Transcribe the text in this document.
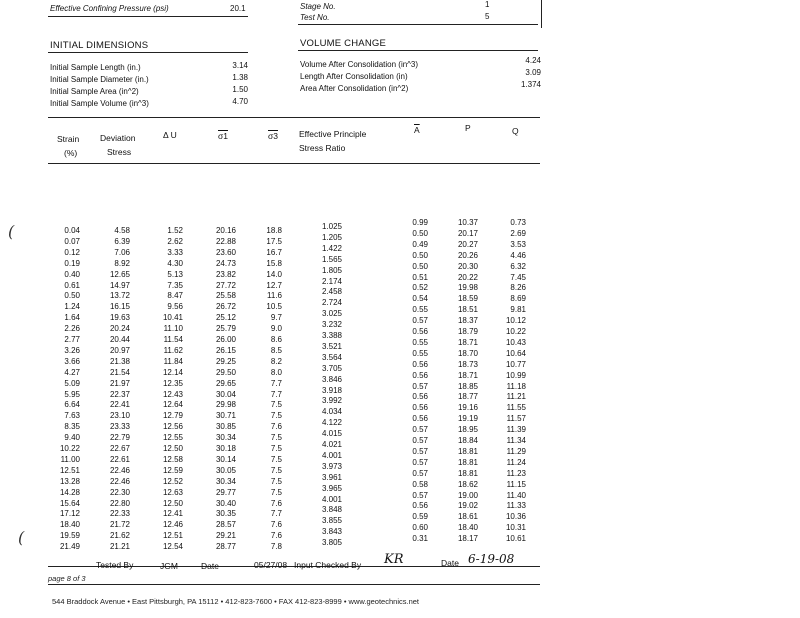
Effective Confining Pressure (psi)	20.1	Stage No.	1
Test No.	5
INITIAL DIMENSIONS
Initial Sample Length (in.)	3.14
Initial Sample Diameter (in.)	1.38
Initial Sample Area (in^2)	1.50
Initial Sample Volume (in^3)	4.70
VOLUME CHANGE
Volume After Consolidation (in^3)	4.24
Length After Consolidation (in)	3.09
Area After Consolidation (in^2)	1.374
Strain
(%)
Deviation
Stress
Δ U	σ1	σ3 Effective Principle
Stress Ratio
$\overline{A}$	P	Q
(
(
0.04	4.58	1.52	20.16	18.8	1.025	0.99	10.37	0.73
0.07	6.39	2.62	22.88	17.5	1.205	0.50	20.17	2.69
0.12	7.06	3.33	23.60	16.7	1.422	0.49	20.27	3.53
0.19	8.92	4.30	24.73	15.8	1.565	0.50	20.26	4.46
0.40	12.65	5.13	23.82	14.0	1.805	0.50	20.30	6.32
0.61	14.97	7.35	27.72	12.7	2.174	0.51	20.22	7.45
0.50	13.72	8.47	25.58	11.6	2.458	0.52	19.98	8.26
1.24	16.15	9.56	26.72	10.5	2.724	0.54	18.59	8.69
1.64	19.63	10.41	25.12	9.7	3.025	0.55	18.51	9.81
2.26	20.24	11.10	25.79	9.0	3.232	0.57	18.37	10.12
2.77	20.44	11.54	26.00	8.6	3.388	0.56	18.79	10.22
3.26	20.97	11.62	26.15	8.5	3.521	0.55	18.71	10.43
3.66	21.38	11.84	29.25	8.2	3.564	0.55	18.70	10.64
4.27	21.54	12.14	29.50	8.0	3.705	0.56	18.73	10.77
5.09	21.97	12.35	29.65	7.7	3.846	0.56	18.71	10.99
5.95	22.37	12.43	30.04	7.7	3.918	0.57	18.85	11.18
6.64	22.41	12.64	29.98	7.5	3.992	0.56	18.77	11.21
7.63	23.10	12.79	30.71	7.5	4.034	0.56	19.16	11.55
8.35	23.33	12.56	30.85	7.6	4.122	0.56	19.19	11.57
9.40	22.79	12.55	30.34	7.5	4.015	0.57	18.95	11.39
10.22	22.67	12.50	30.18	7.5	4.021	0.57	18.84	11.34
11.00	22.61	12.58	30.14	7.5	4.001	0.57	18.81	11.29
12.51	22.46	12.59	30.05	7.5	3.973	0.57	18.81	11.24
13.28	22.46	12.52	30.34	7.5	3.961	0.57	18.81	11.23
14.28	22.30	12.63	29.77	7.5	3.965	0.58	18.62	11.15
15.64	22.80	12.50	30.40	7.6	4.001	0.57	19.00	11.40
17.12	22.33	12.41	30.35	7.7	3.848	0.56	19.02	11.33
18.40	21.72	12.46	28.57	7.6	3.855	0.59	18.61	10.36
19.59	21.62	12.51	29.21	7.6	3.843	0.60	18.40	10.31
21.49	21.21	12.54	28.77	7.8	3.805	0.31	18.17	10.61
Tested By	JGM	Date	05/27/08 Input Checked By KR	Date 6-19-08
page 8 of 3
544 Braddock Avenue • East Pittsburgh, PA 15112 • 412-823-7600 • FAX 412-823-8999 • www.geotechnics.net
